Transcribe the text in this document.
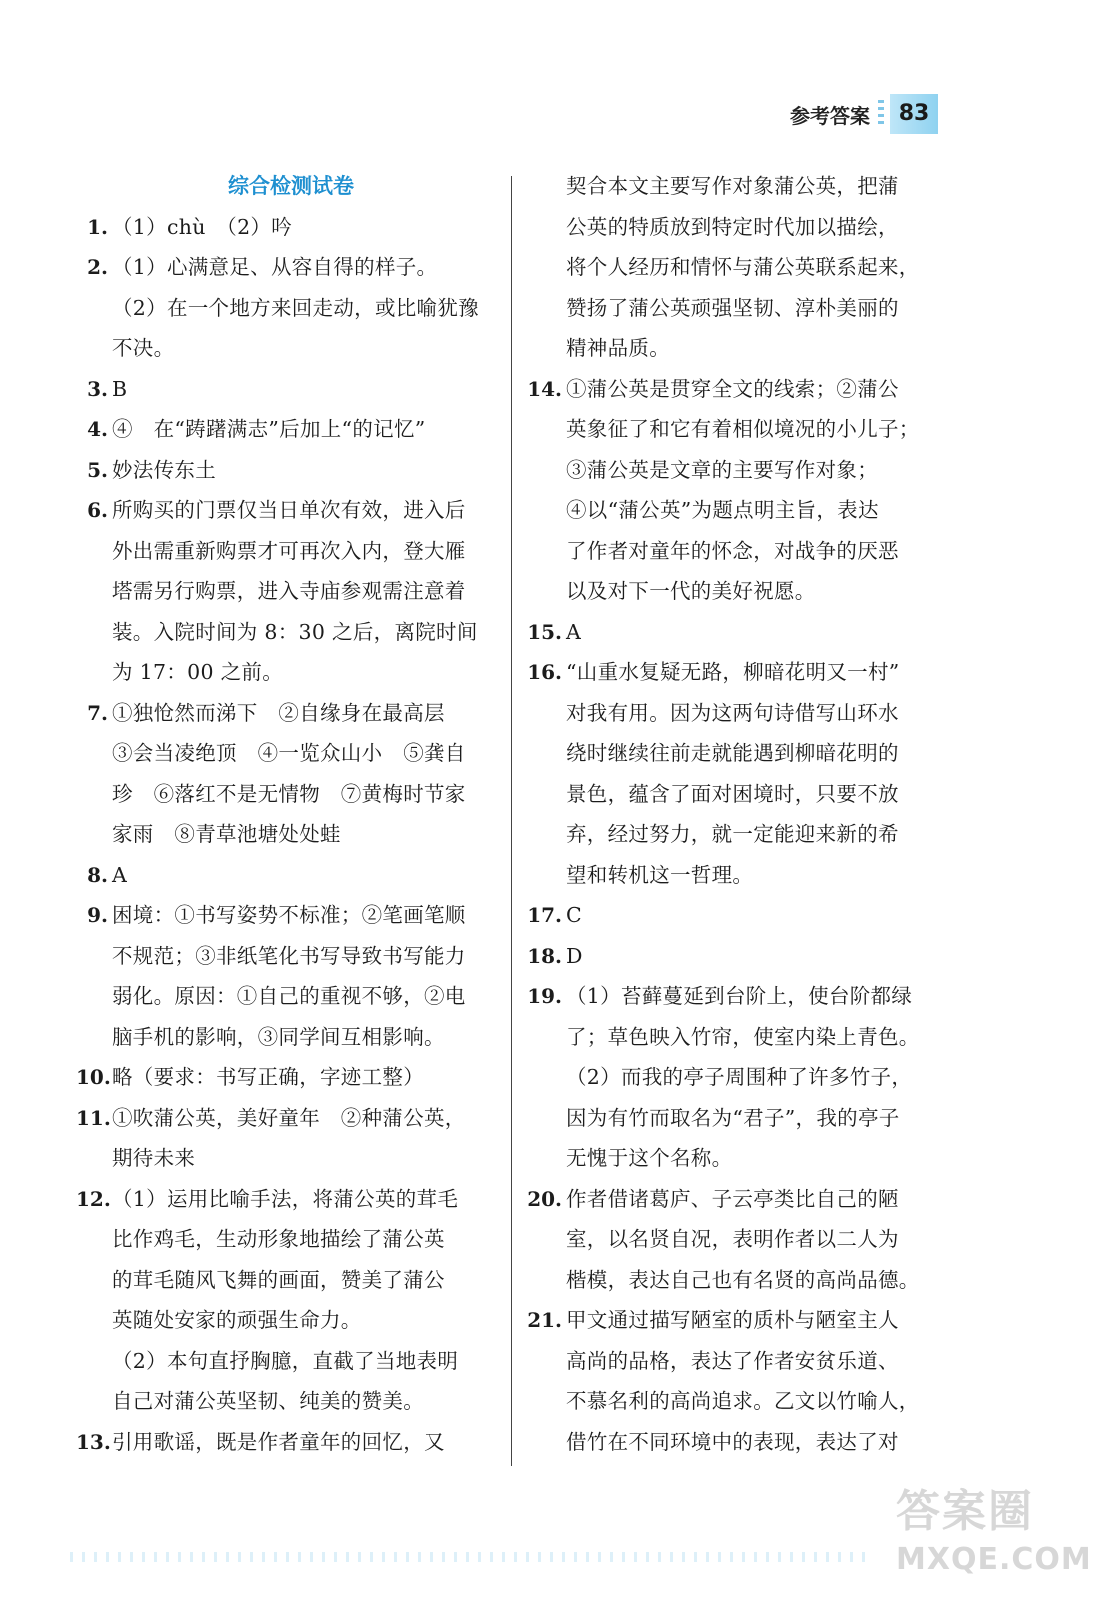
参考答案	83
综合检测试卷
1. （1）chù　（2）吟
2. （1）心满意足、从容自得的样子。
（2）在一个地方来回走动，或比喻犹豫
不决。
3. B
4. ④　在“踌躇满志”后加上“的记忆”
5. 妙法传东土
6. 所购买的门票仅当日单次有效，进入后
外出需重新购票才可再次入内，登大雁
塔需另行购票，进入寺庙参观需注意着
装。入院时间为 8：30 之后，离院时间
为 17：00 之前。
7. ①独怆然而涕下　②自缘身在最高层
③会当凌绝顶　④一览众山小　⑤龚自
珍　⑥落红不是无情物　⑦黄梅时节家
家雨　⑧青草池塘处处蛙
8. A
9. 困境：①书写姿势不标准；②笔画笔顺
不规范；③非纸笔化书写导致书写能力
弱化。原因：①自己的重视不够，②电
脑手机的影响，③同学间互相影响。
10. 略（要求：书写正确，字迹工整）
11. ①吹蒲公英，美好童年　②种蒲公英，
期待未来
12. （1）运用比喻手法，将蒲公英的茸毛
比作鸡毛，生动形象地描绘了蒲公英
的茸毛随风飞舞的画面，赞美了蒲公
英随处安家的顽强生命力。
（2）本句直抒胸臆，直截了当地表明
自己对蒲公英坚韧、纯美的赞美。
13. 引用歌谣，既是作者童年的回忆，又
契合本文主要写作对象蒲公英，把蒲
公英的特质放到特定时代加以描绘，
将个人经历和情怀与蒲公英联系起来，
赞扬了蒲公英顽强坚韧、淳朴美丽的
精神品质。
14. ①蒲公英是贯穿全文的线索；②蒲公
英象征了和它有着相似境况的小儿子；
③蒲公英是文章的主要写作对象；
④以“蒲公英”为题点明主旨，表达
了作者对童年的怀念，对战争的厌恶
以及对下一代的美好祝愿。
15. A
16. “山重水复疑无路，柳暗花明又一村”
对我有用。因为这两句诗借写山环水
绕时继续往前走就能遇到柳暗花明的
景色，蕴含了面对困境时，只要不放
弃，经过努力，就一定能迎来新的希
望和转机这一哲理。
17. C
18. D
19. （1）苔藓蔓延到台阶上，使台阶都绿
了；草色映入竹帘，使室内染上青色。
（2）而我的亭子周围种了许多竹子，
因为有竹而取名为“君子”，我的亭子
无愧于这个名称。
20. 作者借诸葛庐、子云亭类比自己的陋
室，以名贤自况，表明作者以二人为
楷模，表达自己也有名贤的高尚品德。
21. 甲文通过描写陋室的质朴与陋室主人
高尚的品格，表达了作者安贫乐道、
不慕名利的高尚追求。乙文以竹喻人，
借竹在不同环境中的表现，表达了对
答案圈
MXQE.COM
